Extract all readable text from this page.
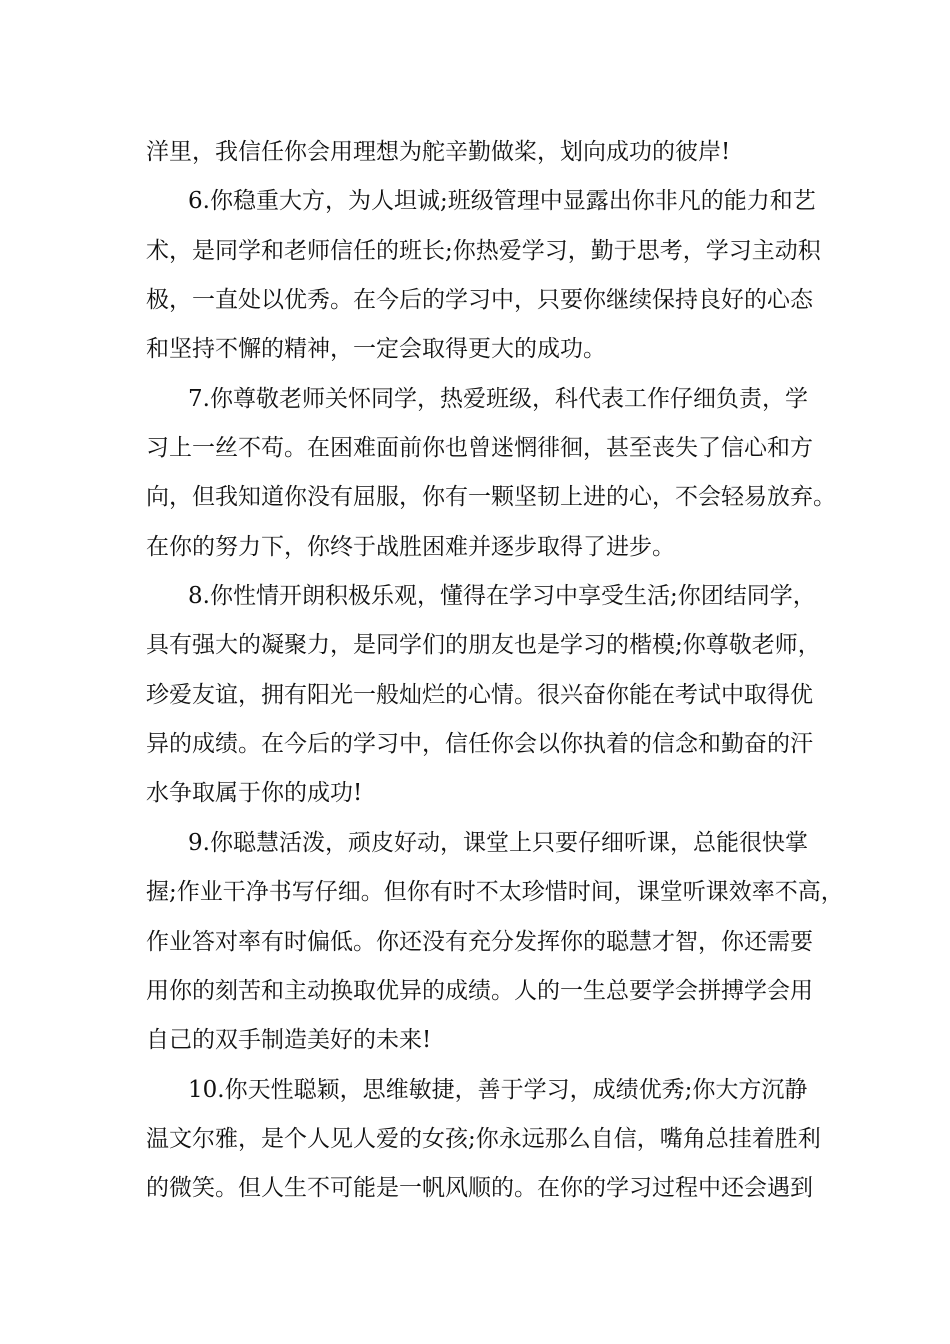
洋里，我信任你会用理想为舵辛勤做桨，划向成功的彼岸!
6.你稳重大方，为人坦诚;班级管理中显露出你非凡的能力和艺
术，是同学和老师信任的班长;你热爱学习，勤于思考，学习主动积
极，一直处以优秀。在今后的学习中，只要你继续保持良好的心态
和坚持不懈的精神，一定会取得更大的成功。
7.你尊敬老师关怀同学，热爱班级，科代表工作仔细负责，学
习上一丝不苟。在困难面前你也曾迷惘徘徊，甚至丧失了信心和方
向，但我知道你没有屈服，你有一颗坚韧上进的心，不会轻易放弃。
在你的努力下，你终于战胜困难并逐步取得了进步。
8.你性情开朗积极乐观，懂得在学习中享受生活;你团结同学，
具有强大的凝聚力，是同学们的朋友也是学习的楷模;你尊敬老师，
珍爱友谊，拥有阳光一般灿烂的心情。很兴奋你能在考试中取得优
异的成绩。在今后的学习中，信任你会以你执着的信念和勤奋的汗
水争取属于你的成功!
9.你聪慧活泼，顽皮好动，课堂上只要仔细听课，总能很快掌
握;作业干净书写仔细。但你有时不太珍惜时间，课堂听课效率不高，
作业答对率有时偏低。你还没有充分发挥你的聪慧才智，你还需要
用你的刻苦和主动换取优异的成绩。人的一生总要学会拼搏学会用
自己的双手制造美好的未来!
10.你天性聪颖，思维敏捷，善于学习，成绩优秀;你大方沉静
温文尔雅，是个人见人爱的女孩;你永远那么自信，嘴角总挂着胜利
的微笑。但人生不可能是一帆风顺的。在你的学习过程中还会遇到
